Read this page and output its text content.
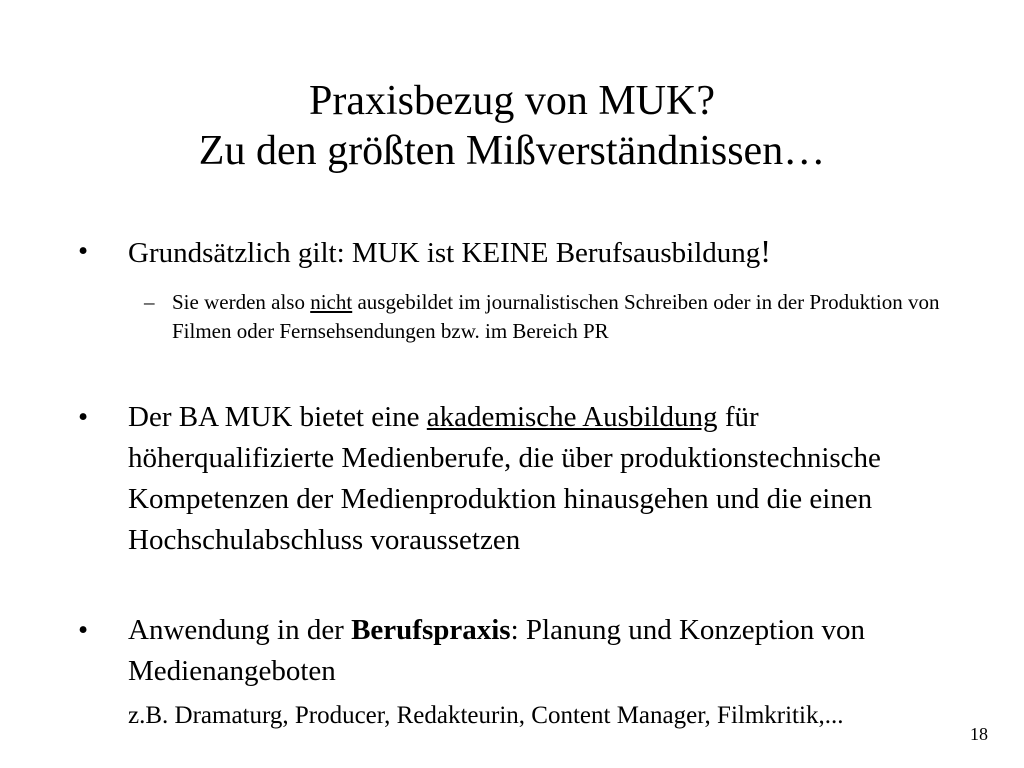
Praxisbezug von MUK?
Zu den größten Mißverständnissen…
•	Grundsätzlich gilt: MUK ist KEINE Berufsausbildung!
– Sie werden also nicht ausgebildet im journalistischen Schreiben oder in der Produktion von Filmen oder Fernsehsendungen bzw. im Bereich PR
•	Der BA MUK bietet eine akademische Ausbildung für höherqualifizierte Medienberufe, die über produktionstechnische Kompetenzen der Medienproduktion hinausgehen und die einen Hochschulabschluss voraussetzen
•	Anwendung in der Berufspraxis: Planung und Konzeption von Medienangeboten
z.B. Dramaturg, Producer, Redakteurin, Content Manager, Filmkritik,...
18
